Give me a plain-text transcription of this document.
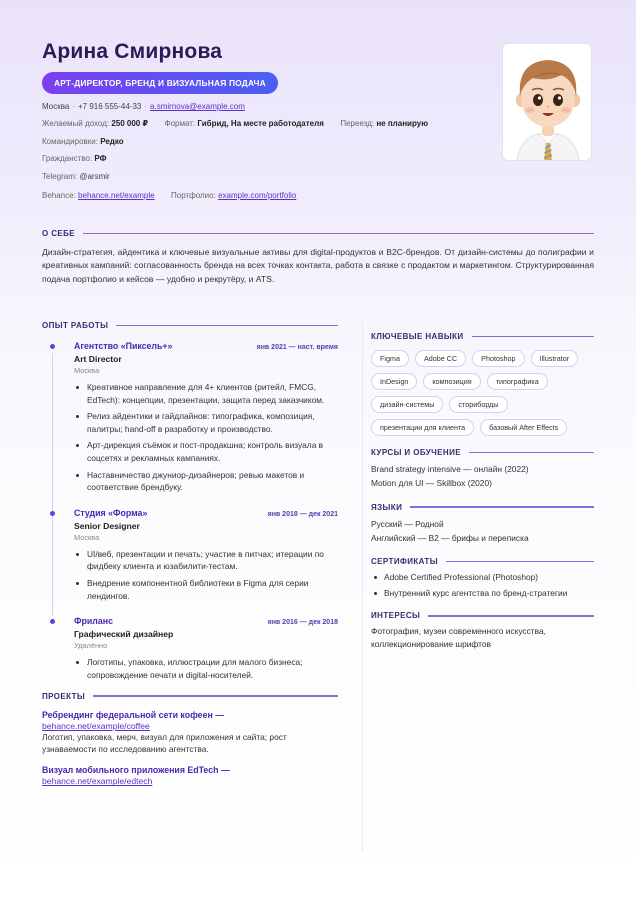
Арина Смирнова
АРТ-ДИРЕКТОР, БРЕНД И ВИЗУАЛЬНАЯ ПОДАЧА
Москва · +7 916 555-44-33 · a.smirnova@example.com
Желаемый доход: 250 000 ₽ Формат: Гибрид, На месте работодателя Переезд: не планирую
Командировки: Редко
Гражданство: РФ
Telegram: @arsmir
Behance: behance.net/example Портфолио: example.com/portfolio
О СЕБЕ

Дизайн-стратегия, айдентика и ключевые визуальные активы для digital-продуктов и B2C-брендов. От дизайн-системы до полиграфии и креативных кампаний: согласованность бренда на всех точках контакта, работа в связке с продактом и маркетингом. Структурированная подача портфолио и кейсов — удобно и рекрутёру, и ATS.

ОПЫТ РАБОТЫ
Агентство «Пиксель+»	янв 2021 — наст. время
Art Director
Москва
Креативное направление для 4+ клиентов (ритейл, FMCG, EdTech): концепции, презентации, защита перед заказчиком.
Релиз айдентики и гайдлайнов: типографика, композиция, палитры; hand-off в разработку и производство.
Арт-дирекция съёмок и пост-продакшна; контроль визуала в соцсетях и рекламных кампаниях.
Наставничество джуниор-дизайнеров; ревью макетов и соответствие брендбуку.
Студия «Форма»	янв 2018 — дек 2021
Senior Designer
Москва
UI/веб, презентации и печать; участие в питчах; итерации по фидбеку клиента и юзабилити-тестам.
Внедрение компонентной библиотеки в Figma для серии лендингов.
Фриланс	янв 2016 — дек 2018
Графический дизайнер
Удалённо
Логотипы, упаковка, иллюстрации для малого бизнеса; сопровождение печати и digital-носителей.
ПРОЕКТЫ
Ребрендинг федеральной сети кофеен —
behance.net/example/coffee
Логотип, упаковка, мерч, визуал для приложения и сайта; рост узнаваемости по исследованию агентства.
Визуал мобильного приложения EdTech —
behance.net/example/edtech
КЛЮЧЕВЫЕ НАВЫКИ
Figma	Adobe CC	Photoshop	Illustrator
InDesign	композиция	типографика
дизайн-системы	сториборды
презентации для клиента	базовый After Effects
КУРСЫ И ОБУЧЕНИЕ
Brand strategy intensive — онлайн (2022)
Motion для UI — Skillbox (2020)
ЯЗЫКИ
Русский — Родной
Английский — B2 — брифы и переписка
СЕРТИФИКАТЫ
Adobe Certified Professional (Photoshop)
Внутренний курс агентства по бренд-стратегии
ИНТЕРЕСЫ
Фотография, музеи современного искусства, коллекционирование шрифтов
